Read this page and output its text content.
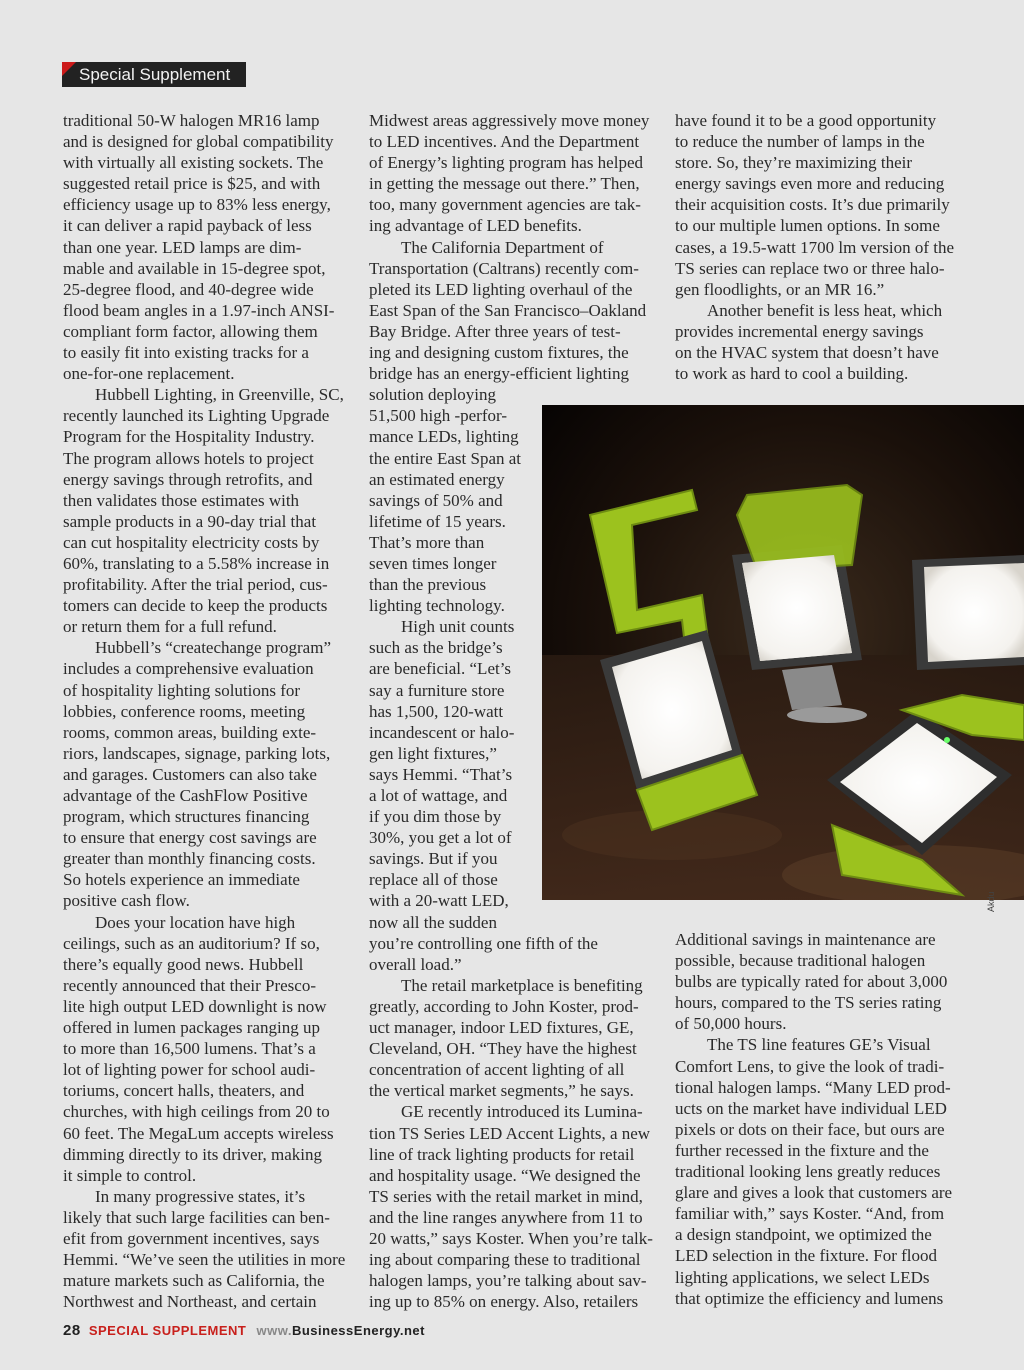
Special Supplement
traditional 50-W halogen MR16 lamp
and is designed for global compatibility
with virtually all existing sockets. The
suggested retail price is $25, and with
efficiency usage up to 83% less energy,
it can deliver a rapid payback of less
than one year. LED lamps are dim-
mable and available in 15-degree spot,
25-degree flood, and 40-degree wide
flood beam angles in a 1.97-inch ANSI-
compliant form factor, allowing them
to easily fit into existing tracks for a
one-for-one replacement.
Hubbell Lighting, in Greenville, SC,
recently launched its Lighting Upgrade
Program for the Hospitality Industry.
The program allows hotels to project
energy savings through retrofits, and
then validates those estimates with
sample products in a 90-day trial that
can cut hospitality electricity costs by
60%, translating to a 5.58% increase in
profitability. After the trial period, cus-
tomers can decide to keep the products
or return them for a full refund.
Hubbell’s “createchange program”
includes a comprehensive evaluation
of hospitality lighting solutions for
lobbies, conference rooms, meeting
rooms, common areas, building exte-
riors, landscapes, signage, parking lots,
and garages. Customers can also take
advantage of the CashFlow Positive
program, which structures financing
to ensure that energy cost savings are
greater than monthly financing costs.
So hotels experience an immediate
positive cash flow.
Does your location have high
ceilings, such as an auditorium? If so,
there’s equally good news. Hubbell
recently announced that their Presco-
lite high output LED downlight is now
offered in lumen packages ranging up
to more than 16,500 lumens. That’s a
lot of lighting power for school audi-
toriums, concert halls, theaters, and
churches, with high ceilings from 20 to
60 feet. The MegaLum accepts wireless
dimming directly to its driver, making
it simple to control.
In many progressive states, it’s
likely that such large facilities can ben-
efit from government incentives, says
Hemmi. “We’ve seen the utilities in more
mature markets such as California, the
Northwest and Northeast, and certain
Midwest areas aggressively move money
to LED incentives. And the Department
of Energy’s lighting program has helped
in getting the message out there.” Then,
too, many government agencies are tak-
ing advantage of LED benefits.
The California Department of
Transportation (Caltrans) recently com-
pleted its LED lighting overhaul of the
East Span of the San Francisco–Oakland
Bay Bridge. After three years of test-
ing and designing custom fixtures, the
bridge has an energy-efficient lighting
solution deploying
51,500 high -perfor-
mance LEDs, lighting
the entire East Span at
an estimated energy
savings of 50% and
lifetime of 15 years.
That’s more than
seven times longer
than the previous
lighting technology.
High unit counts
such as the bridge’s
are beneficial. “Let’s
say a furniture store
has 1,500, 120-watt
incandescent or halo-
gen light fixtures,”
says Hemmi. “That’s
a lot of wattage, and
if you dim those by
30%, you get a lot of
savings. But if you
replace all of those
with a 20-watt LED,
now all the sudden
you’re controlling one fifth of the
overall load.”
The retail marketplace is benefiting
greatly, according to John Koster, prod-
uct manager, indoor LED fixtures, GE,
Cleveland, OH. “They have the highest
concentration of accent lighting of all
the vertical market segments,” he says.
GE recently introduced its Lumina-
tion TS Series LED Accent Lights, a new
line of track lighting products for retail
and hospitality usage. “We designed the
TS series with the retail market in mind,
and the line ranges anywhere from 11 to
20 watts,” says Koster. When you’re talk-
ing about comparing these to traditional
halogen lamps, you’re talking about sav-
ing up to 85% on energy. Also, retailers
have found it to be a good opportunity
to reduce the number of lamps in the
store. So, they’re maximizing their
energy savings even more and reducing
their acquisition costs. It’s due primarily
to our multiple lumen options. In some
cases, a 19.5-watt 1700 lm version of the
TS series can replace two or three halo-
gen floodlights, or an MR 16.”
Another benefit is less heat, which
provides incremental energy savings
on the HVAC system that doesn’t have
to work as hard to cool a building.
Additional savings in maintenance are
possible, because traditional halogen
bulbs are typically rated for about 3,000
hours, compared to the TS series rating
of 50,000 hours.
The TS line features GE’s Visual
Comfort Lens, to give the look of tradi-
tional halogen lamps. “Many LED prod-
ucts on the market have individual LED
pixels or dots on their face, but ours are
further recessed in the fixture and the
traditional looking lens greatly reduces
glare and gives a look that customers are
familiar with,” says Koster. “And, from
a design standpoint, we optimized the
LED selection in the fixture. For flood
lighting applications, we select LEDs
that optimize the efficiency and lumens
Akdu
28 SPECIAL SUPPLEMENT www.BusinessEnergy.net
